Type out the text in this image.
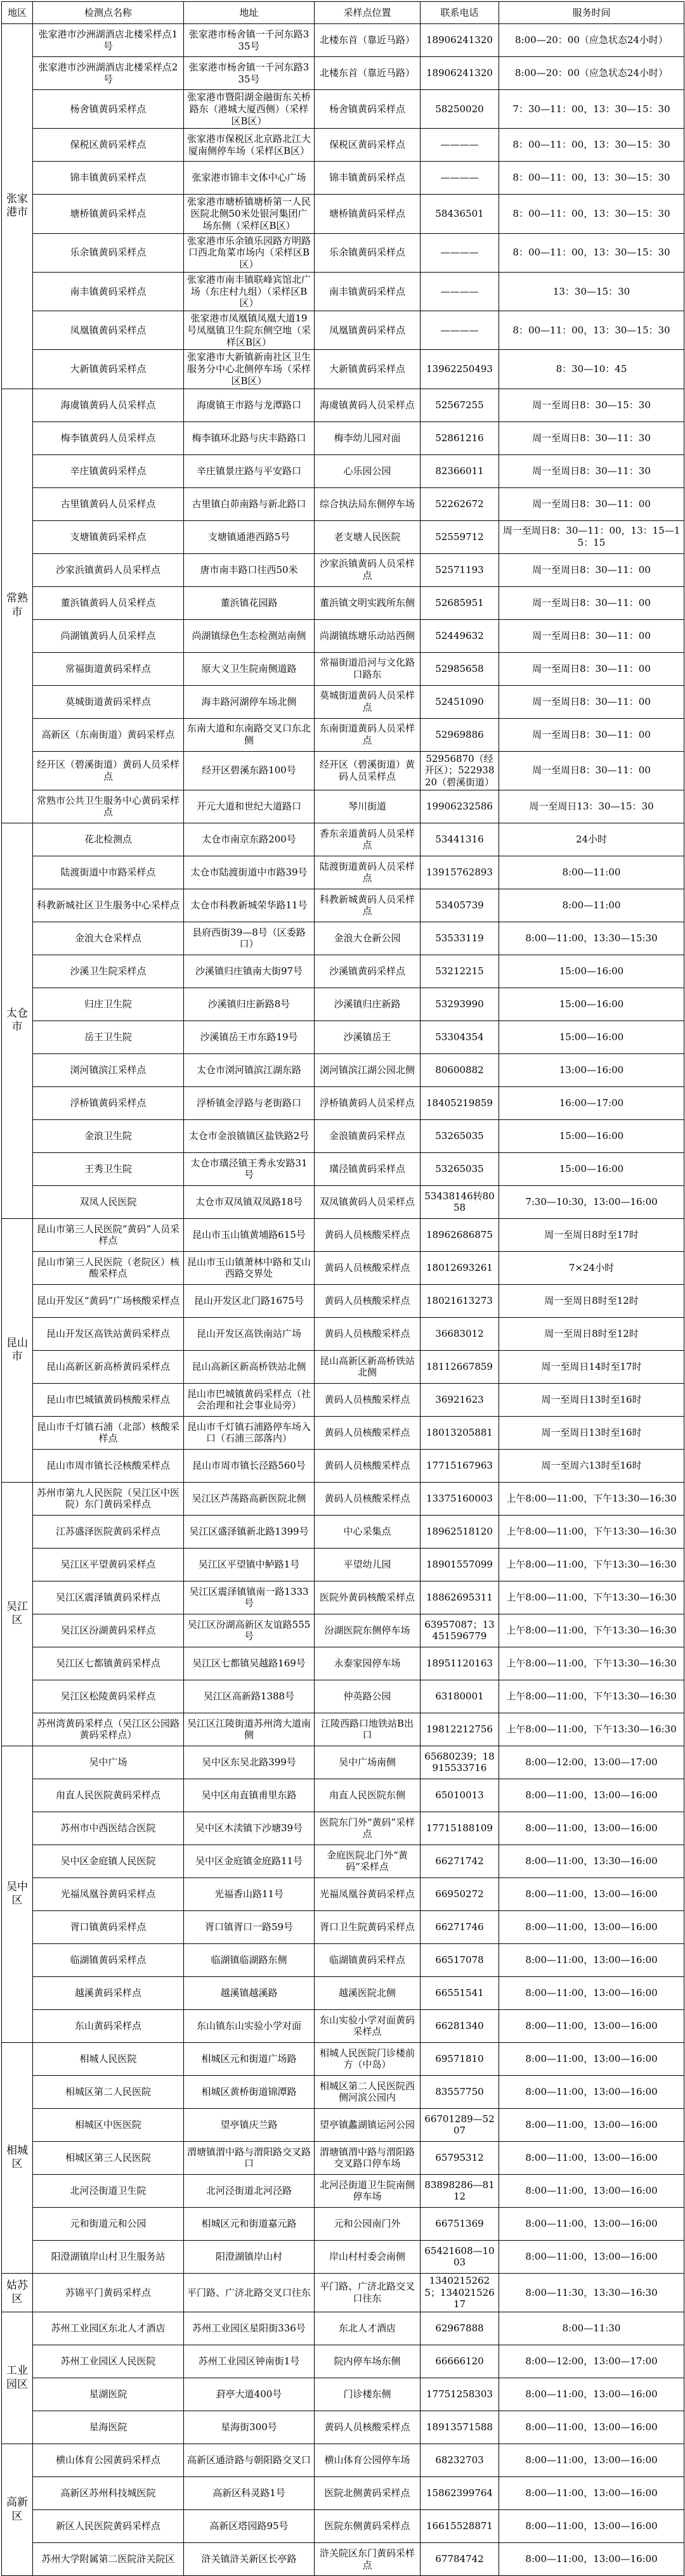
地区	检测点名称	地址	采样点位置	联系电话	服务时间
张家港市	张家港市沙洲湖酒店北楼采样点1号	张家港市杨舍镇一千河东路335号	北楼东首（靠近马路）	18906241320	8:00—20：00（应急状态24小时）
	张家港市沙洲湖酒店北楼采样点2号	张家港市杨舍镇一千河东路335号	北楼东首（靠近马路）	18906241320	8:00—20：00（应急状态24小时）
	杨舍镇黄码采样点	张家港市暨阳湖金融街东关桥路东（港城大厦西侧）（采样区B区）	杨舍镇黄码采样点	58250020	7：30—11：00，13：30—15：30
	保税区黄码采样点	张家港市保税区北京路北江大厦南侧停车场（采样区B区）	保税区黄码采样点	————	8：00—11：00，13：30—15：30
	锦丰镇黄码采样点	张家港市锦丰文体中心广场	锦丰镇黄码采样点	————	8：00—11：00，13：30—15：30
	塘桥镇黄码采样点	张家港市塘桥镇塘桥第一人民医院北侧50米处银河集团广场东侧（采样区B区）	塘桥镇黄码采样点	58436501	8：00—11：00，13：30—15：30
	乐余镇黄码采样点	张家港市乐余镇乐园路方明路口西北角菜市场内（采样区B区）	乐余镇黄码采样点	————	8：00—11：00，13：30—15：30
	南丰镇黄码采样点	张家港市南丰镇联峰宾馆北广场（东庄村九组）（采样区B区）	南丰镇黄码采样点	————	13：30—15：30
	凤凰镇黄码采样点	张家港市凤凰镇凤凰大道19号凤凰镇卫生院东侧空地（采样区B区）	凤凰镇黄码采样点	————	8：00—11：00，13：30—15：30
	大新镇黄码采样点	张家港市大新镇新南社区卫生服务分中心北侧停车场（采样区B区）	大新镇黄码采样点	13962250493	8：30—10：45
常熟市	海虞镇黄码人员采样点	海虞镇王市路与龙潭路口	海虞镇黄码人员采样点	52567255	周一至周日8：30—15：30
	梅李镇黄码人员采样点	梅李镇环北路与庆丰路路口	梅李幼儿园对面	52861216	周一至周日8：30—11：30
	辛庄镇黄码采样点	辛庄镇景庄路与平安路口	心乐园公园	82366011	周一至周日8：30—11：30
	古里镇黄码人员采样点	古里镇白茆南路与新北路口	综合执法局东侧停车场	52262672	周一至周日8：30—11：00
	支塘镇黄码采样点	支塘镇通港西路5号	老支塘人民医院	52559712	周一至周日8：30—11：00，13：15—15：15
	沙家浜镇黄码人员采样点	唐市南丰路口往西50米	沙家浜镇黄码人员采样点	52571193	周一至周日8：30—11：00
	董浜镇黄码人员采样点	董浜镇花园路	董浜镇文明实践所东侧	52685951	周一至周日8：30—11：00
	尚湖镇黄码人员采样点	尚湖镇绿色生态检测站南侧	尚湖镇练塘乐动站西侧	52449632	周一至周日8：30—11：00
	常福街道黄码采样点	原大义卫生院南侧道路	常福街道沿河与文化路口路东	52985658	周一至周日8：30—11：00
	莫城街道黄码采样点	海丰路河湖停车场北侧	莫城街道黄码人员采样点	52451090	周一至周日8：30—11：00
	高新区（东南街道）黄码采样点	东南大道和东南路交叉口东北侧	东南街道黄码人员采样点	52969886	周一至周日8：30—11：00
	经开区（碧溪街道）黄码人员采样点	经开区碧溪东路100号	经开区（碧溪街道）黄码人员采样点	52956870（经开区）；52293820（碧溪街道）	周一至周日8：30—11：00
	常熟市公共卫生服务中心黄码采样点	开元大道和世纪大道路口	琴川街道	19906232586	周一至周日13：30—15：30
太仓市	花北检测点	太仓市南京东路200号	香东亲道黄码人员采样点	53441316	24小时
	陆渡街道中市路采样点	太仓市陆渡街道中市路39号	陆渡街道黄码人员采样点	13915762893	8:00—11:00
	科教新城社区卫生服务中心采样点	太仓市科教新城荣华路11号	科教新城黄码人员采样点	53405739	8:00—11:00
	金浪大仓采样点	县府西街39—8号（区委路口）	金浪大仓新公园	53533119	8:00—11:00，13:30—15:30
	沙溪卫生院采样点	沙溪镇归庄镇南大街97号	沙溪镇黄码采样点	53212215	15:00—16:00
	归庄卫生院	沙溪镇归庄新路8号	沙溪镇归庄新路	53293990	15:00—16:00
	岳王卫生院	沙溪镇岳王市东路19号	沙溪镇岳王	53304354	15:00—16:00
	浏河镇滨江采样点	太仓市浏河镇滨江湖东路	浏河镇滨江湖公园北侧	80600882	13:00—16:00
	浮桥镇黄码采样点	浮桥镇金浮路与老街路口	浮桥镇黄码人员采样点	18405219859	16:00—17:00
	金浪卫生院	太仓市金浪镇镇区盐铁路2号	金浪镇黄码采样点	53265035	15:00—16:00
	王秀卫生院	太仓市璜泾镇王秀永安路31号	璜泾镇黄码采样点	53265035	15:00—16:00
	双凤人民医院	太仓市双凤镇双凤路18号	双凤镇黄码人员采样点	53438146转8058	7:30—10:30，13:00—16:00
昆山市	昆山市第三人民医院“黄码”人员采样点	昆山市玉山镇黄埔路615号	黄码人员核酸采样点	18962686875	周一至周日8时至17时
	昆山市第三人民医院（老院区）核酸采样点	昆山市玉山镇萧林中路和艾山西路交界处	黄码人员核酸采样点	18012693261	7×24小时
	昆山开发区“黄码”广场核酸采样点	昆山开发区北门路1675号	黄码人员核酸采样点	18021613273	周一至周日8时至12时
	昆山开发区高铁站黄码采样点	昆山开发区高铁南站广场	黄码人员核酸采样点	36683012	周一至周日8时至12时
	昆山高新区新高桥黄码采样点	昆山高新区新高桥铁站北侧	昆山高新区新高桥铁站北侧	18112667859	周一至周日14时至17时
	昆山市巴城镇黄码核酸采样点	昆山市巴城镇黄码采样点（社会治理和社会事业局旁）	黄码人员核酸采样点	36921623	周一至周日13时至16时
	昆山市千灯镇石浦（北部）核酸采样点	昆山市千灯镇石浦路停车场入口（石浦三部落内）	黄码人员核酸采样点	18013205881	周一至周日13时至16时
	昆山市周市镇长泾核酸采样点	昆山市周市镇长泾路560号	黄码人员核酸采样点	17715167963	周一至周六13时至16时
吴江区	苏州市第九人民医院（吴江区中医院）东门黄码采样点	吴江区芦荡路高新医院北侧	黄码人员核酸采样点	13375160003	上午8:00—11:00，下午13:30—16:30
	江苏盛泽医院黄码采样点	吴江区盛泽镇新北路1399号	中心采集点	18962518120	上午8:00—11:00，下午13:30—16:30
	吴江区平望黄码采样点	吴江区平望镇中鲈路1号	平望幼儿园	18901557099	上午8:00—11:00，下午13:30—16:30
	吴江区震泽镇黄码采样点	吴江区震泽镇镇南一路1333号	医院外黄码核酸采样点	18862695311	上午8:00—11:00，下午13:30—16:30
	吴江区汾湖黄码采样点	吴江区汾湖高新区友谊路555号	汾湖医院东侧停车场	63957087；13451596779	上午8:00—11:00，下午13:30—16:30
	吴江区七都镇黄码采样点	吴江区七都镇吴越路169号	永泰家园停车场	18951120163	上午8:00—11:00，下午13:30—16:30
	吴江区松陵黄码采样点	吴江区高新路1388号	仲英路公园	63180001	上午8:00—11:00，下午13:30—16:30
	苏州湾黄码采样点（吴江区公园路黄码采样点）	吴江区江陵街道苏州湾大道南侧	江陵西路口地铁站B出口	19812212756	上午8:00—11:00，下午13:30—16:30
吴中区	吴中广场	吴中区东吴北路399号	吴中广场南侧	65680239；18915533716	8:00—12:00，13:00—17:00
	甪直人民医院黄码采样点	吴中区甪直镇甫里东路	甪直人民医院东侧	65010013	8:00—11:00，13:00—16:00
	苏州市中西医结合医院	吴中区木渎镇下沙塘39号	医院东门外“黄码”采样点	17715188109	8:00—11:00，13:00—16:00
	吴中区金庭镇人民医院	吴中区金庭镇金庭路11号	金庭医院北门外“黄码”采样点	66271742	8:00—11:00，13:30—16:00
	光福凤凰谷黄码采样点	光福香山路11号	光福凤凰谷黄码采样点	66950272	8:00—11:00，13:00—16:00
	胥口镇黄码采样点	胥口镇胥口一路59号	胥口卫生院黄码采样点	66271746	8:00—11:00，13:00—16:00
	临湖镇黄码采样点	临湖镇临湖路东侧	临湖镇黄码采样点	66517078	8:00—11:00，13:00—16:00
	越溪黄码采样点	越溪镇越溪路	越溪医院北侧	66551541	8:00—11:00，13:00—16:00
	东山黄码采样点	东山镇东山实验小学对面	东山实验小学对面黄码采样点	66281340	8:00—11:00，13:00—16:00
相城区	相城人民医院	相城区元和街道广场路	相城人民医院门诊楼前方（中岛）	69571810	8:00—11:00，13:00—16:00
	相城区第二人民医院	相城区黄桥街道锦潭路	相城区第二人民医院西侧河滨公园内	83557750	8:00—11:00，13:00—16:00
	相城区中医医院	望亭镇庆兰路	望亭镇蠡湖镇运河公园	66701289—5207	8:00—11:00，13:00—16:00
	相城区第三人民医院	渭塘镇渭中路与渭阳路交叉路口	渭塘镇渭中路与渭阳路交叉路口停车场	65795312	8:00—11:00，13:00—16:00
	北河泾街道卫生院	北河泾街道北河泾路	北河泾街道卫生院南侧停车场	83898286—8112	8:00—11:00，13:00—16:00
	元和街道元和公园	相城区元和街道嘉元路	元和公园南门外	66751369	8:00—11:00，13:00—16:00
	阳澄湖镇岸山村卫生服务站	阳澄湖镇岸山村	岸山村村委会南侧	65421608—1003	8:00—11:00，13:00—16:00
姑苏区	苏锦平门黄码采样点	平门路、广济北路交叉口往东	平门路、广济北路交叉口往东	13402152625；13402152617	8:00—11:30，13:30—16:30
工业园区	苏州工业园区东北人才酒店	苏州工业园区星阳街336号	东北人才酒店	62967888	8:00—11:30
	苏州工业园区人民医院	苏州工业园区钟南街1号	院内停车场东侧	66666120	8:00—12:00，13:00—17:00
	星湖医院	葑亭大道400号	门诊楼东侧	17751258303	8:00—11:00，13:00—16:00
	星海医院	星海街300号	黄码人员核酸采样点	18913571588	8:00—11:00，13:00—16:00
高新区	横山体育公园黄码采样点	高新区通浒路与朝阳路交叉口	横山体育公园停车场	68232703	8:00—11:00，13:00—16:00
	高新区苏州科技城医院	高新区科灵路1号	医院北侧黄码采样点	15862399764	8:00—11:00，13:00—16:00
	新区人民医院黄码采样点	高新区塔园路95号	医院东侧黄码采样点	16615528871	8:00—11:00，13:00—16:00
	苏州大学附属第二医院浒关院区	浒关镇浒关新区长亭路	浒关院区东门黄码采样点	67784742	8:00—11:00，13:00—16:00
